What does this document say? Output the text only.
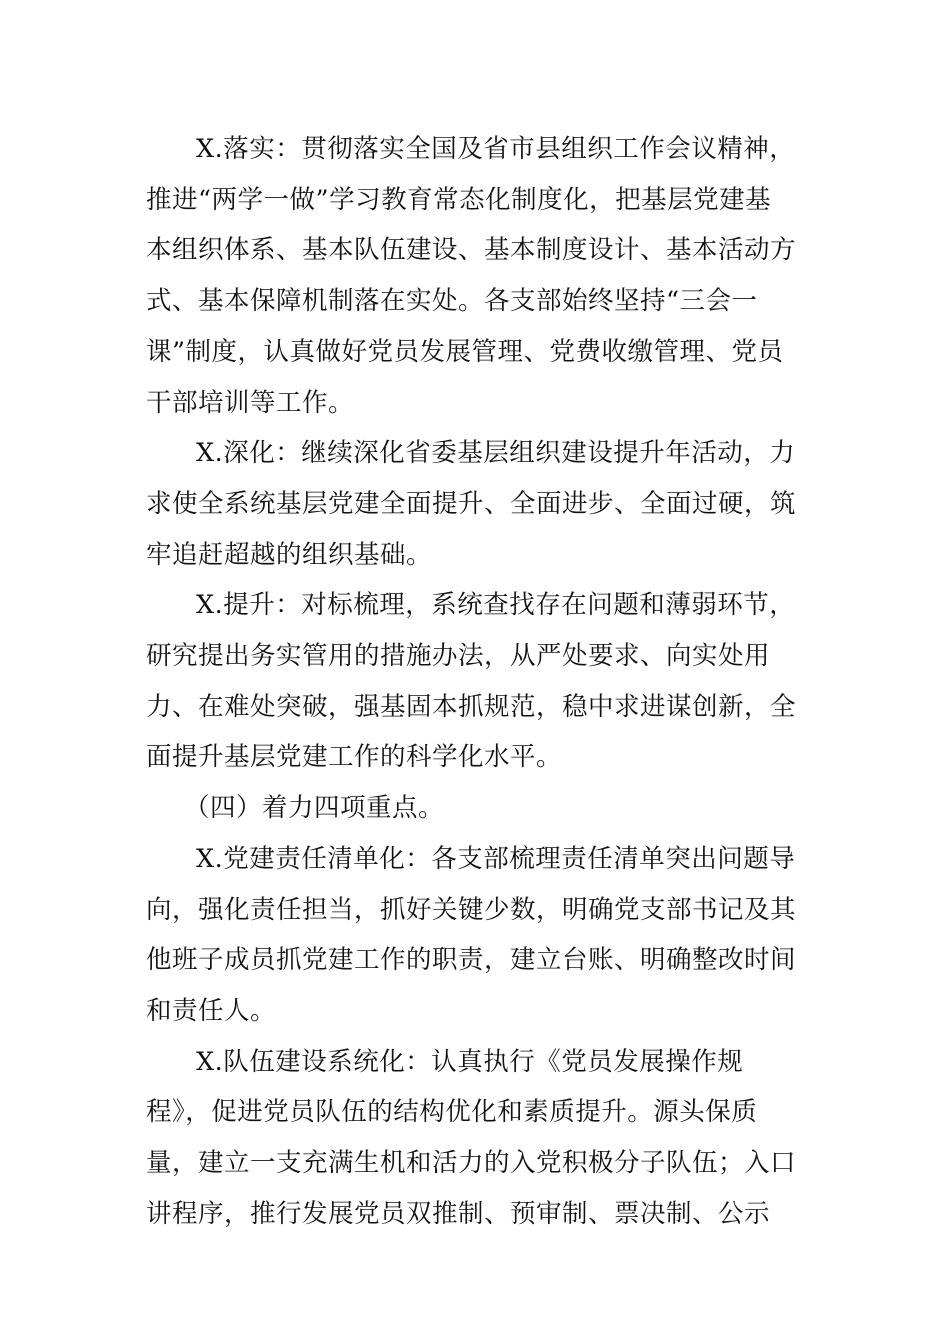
X.落实：贯彻落实全国及省市县组织工作会议精神，
推进“两学一做”学习教育常态化制度化，把基层党建基
本组织体系、基本队伍建设、基本制度设计、基本活动方
式、基本保障机制落在实处。各支部始终坚持“三会一
课”制度，认真做好党员发展管理、党费收缴管理、党员
干部培训等工作。

X.深化：继续深化省委基层组织建设提升年活动，力
求使全系统基层党建全面提升、全面进步、全面过硬，筑
牢追赶超越的组织基础。

X.提升：对标梳理，系统查找存在问题和薄弱环节，
研究提出务实管用的措施办法，从严处要求、向实处用
力、在难处突破，强基固本抓规范，稳中求进谋创新，全
面提升基层党建工作的科学化水平。

（四）着力四项重点。

X.党建责任清单化：各支部梳理责任清单突出问题导
向，强化责任担当，抓好关键少数，明确党支部书记及其
他班子成员抓党建工作的职责，建立台账、明确整改时间
和责任人。

X.队伍建设系统化：认真执行《党员发展操作规
程》，促进党员队伍的结构优化和素质提升。源头保质
量，建立一支充满生机和活力的入党积极分子队伍；入口
讲程序，推行发展党员双推制、预审制、票决制、公示
